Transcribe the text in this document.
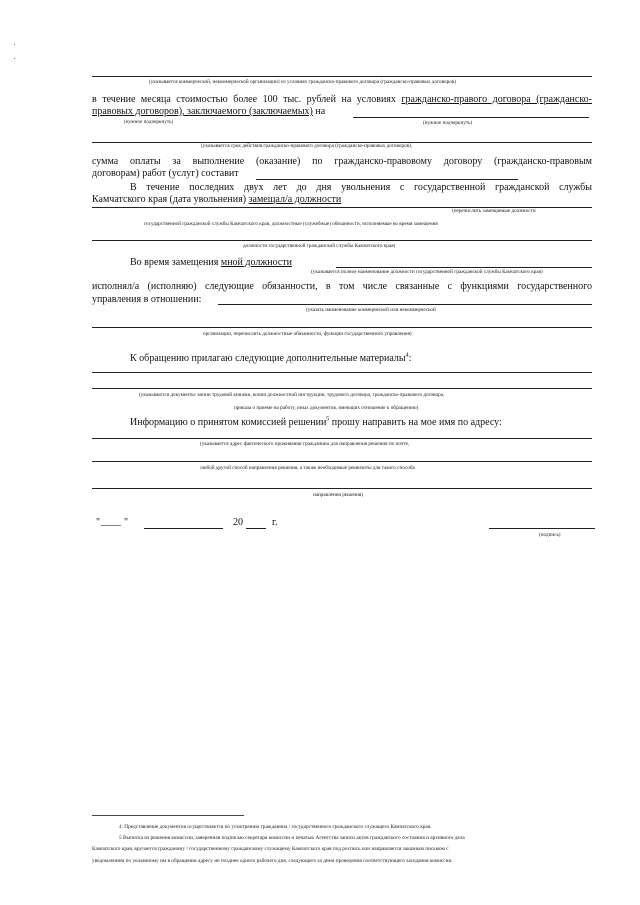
(указывается коммерческой, некоммерческой организации) из условиях гражданско-правового договора (гражданско-правовых договоров)
в течение месяца стоимостью более 100 тыс. рублей на условиях гражданско-правого договора (гражданско-
правовых договоров), заключаемого (заключаемых) на
(нужное подчеркнуть)	(нужное подчеркнуть)
(указывается срок действия гражданско-правового договора (гражданско-правовых договоров),
сумма оплаты за выполнение (оказание) по гражданско-правовому договору (гражданско-правовым
договорам) работ (услуг) составит
В течение последних двух лет до дня увольнения с государственной гражданской службы
Камчатского края (дата увольнения) замещал/а должности
(перечислить замещаемые должности
государственной гражданской службы Камчатского края, должностные (служебные) обязанности, исполняемые во время замещения
должности государственной гражданской службы Камчатского края)
Во время замещения мной должности
(указывается полное наименование должности государственной гражданской службы Камчатского края)
исполнял/а (исполняю) следующие обязанности, в том числе связанные с функциями государственного
управления в отношении:
(указать наименование коммерческой или некоммерческой
организации, перечислить должностные обязанности, функции государственного управления)
К обращению прилагаю следующие дополнительные материалы$^4$:
(указываются документы: копии трудовой книжки, копии должностной инструкции, трудового договора, гражданско-правового договора,
приказа о приеме на работу, иных документов, имеющих отношение к обращению)
Информацию о принятом комиссией решении$^5$ прошу направить на мое имя по адресу:
(указывается адрес фактического проживания гражданина для направления решения по почте,
любой другой способ направления решения, а также необходимые реквизиты для такого способа
направления решения)
" ____ "	20	г.
(подпись)
4. Представление документов осуществляется по усмотрению гражданина / государственного гражданского служащего Камчатского края.
5 Выписка из решения комиссии, заверенная подписью секретаря комиссии и печатью Агентства записи актов гражданского состояния и архивного дела
Камчатского края, вручается гражданину / государственному гражданскому служащему Камчатского края под роспись или направляется заказным письмом с
уведомлением по указанному им в обращении адресу не позднее одного рабочего дня, следующего за днем проведения соответствующего заседания комиссии.
